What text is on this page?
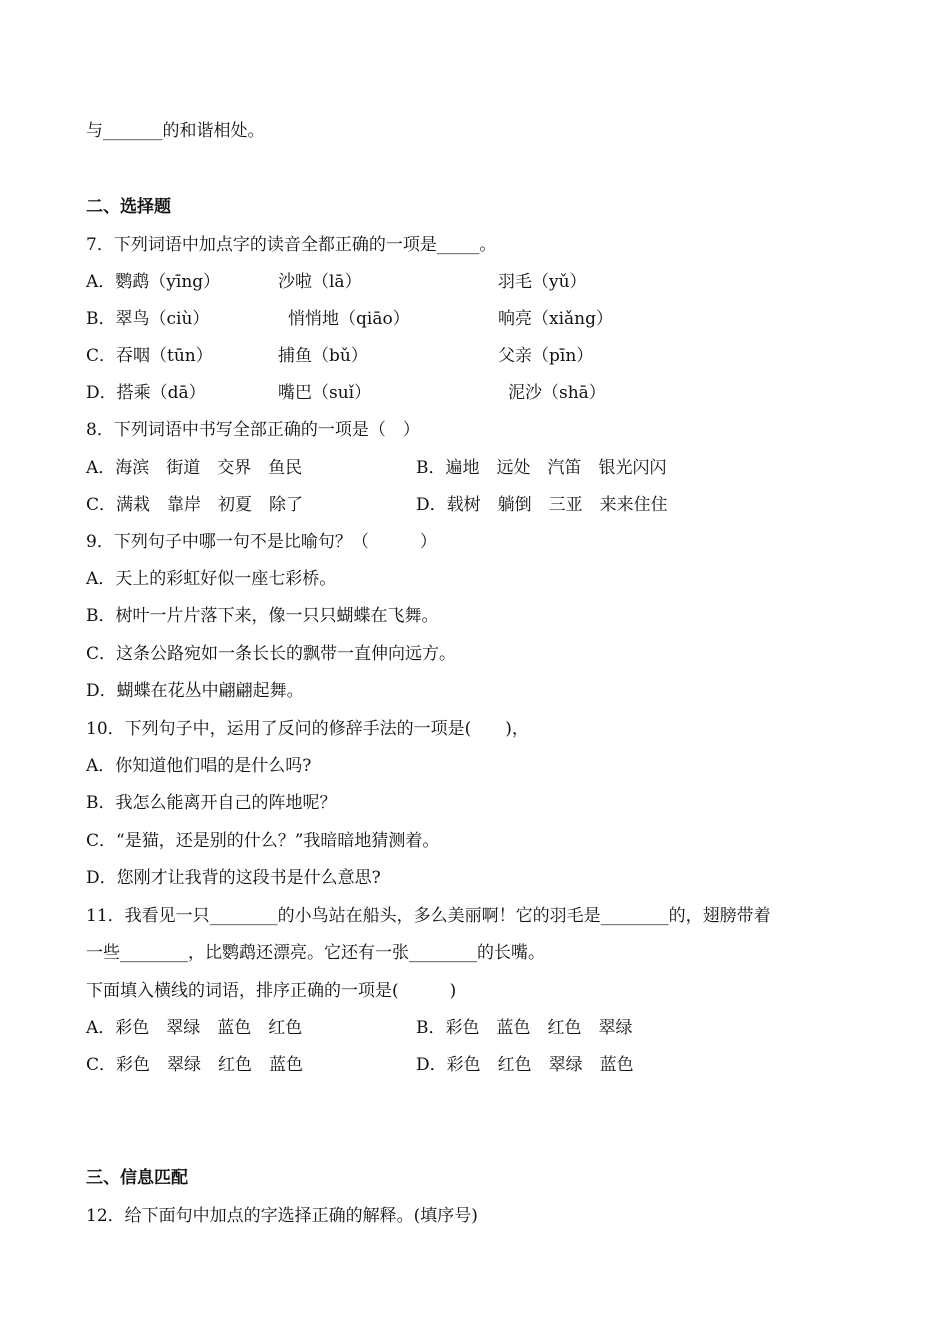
与_______的和谐相处。
二、选择题
7．下列词语中加点字的读音全都正确的一项是_____。
A．鹦鹉（yīng）	沙啦（lā）	羽毛（yǔ）
B．翠鸟（ciù）	悄悄地（qiāo）	响亮（xiǎng）
C．吞咽（tūn）	捕鱼（bǔ）	父亲（pīn）
D．搭乘（dā）	嘴巴（suǐ）	泥沙（shā）
8．下列词语中书写全部正确的一项是（　）
A．海滨　街道　交界　鱼民	B．遍地　远处　汽笛　银光闪闪
C．满栽　靠岸　初夏　除了	D．载树　躺倒　三亚　来来住住
9．下列句子中哪一句不是比喻句？（　　　）
A．天上的彩虹好似一座七彩桥。
B．树叶一片片落下来，像一只只蝴蝶在飞舞。
C．这条公路宛如一条长长的飘带一直伸向远方。
D．蝴蝶在花丛中翩翩起舞。
10．下列句子中，运用了反问的修辞手法的一项是(　　)，
A．你知道他们唱的是什么吗?
B．我怎么能离开自己的阵地呢？
C．“是猫，还是别的什么？”我暗暗地猜测着。
D．您刚才让我背的这段书是什么意思?
11．我看见一只________的小鸟站在船头，多么美丽啊！它的羽毛是________的，翅膀带着
一些________，比鹦鹉还漂亮。它还有一张________的长嘴。
下面填入横线的词语，排序正确的一项是(　　　)
A．彩色　翠绿　蓝色　红色	B．彩色　蓝色　红色　翠绿
C．彩色　翠绿　红色　蓝色	D．彩色　红色　翠绿　蓝色
三、信息匹配
12．给下面句中加点的字选择正确的解释。(填序号)
